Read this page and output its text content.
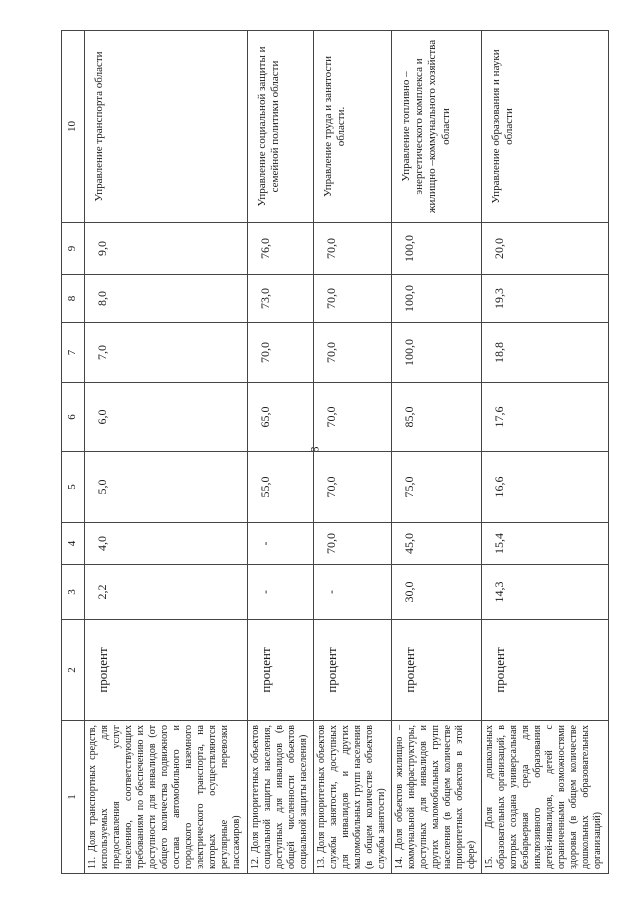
8
1	2	3	4	5	6	7	8	9	10
11. Доля транспортных средств, используемых для предоставления услуг населению, соответствующих требованиям по обеспечению их доступности для инвалидов (от общего количества подвижного состава автомобильного и городского наземного электрического транспорта, на которых осуществляются регулярные перевозки пассажиров)	процент	2,2	4,0	5,0	6,0	7,0	8,0	9,0	Управление транспорта области
12. Доля приоритетных объектов социальной защиты населения, доступных для инвалидов (в общей численности объектов социальной защиты населения)	процент	-	-	55,0	65,0	70,0	73,0	76,0	Управление социальной защиты и семейной политики области
13. Доля приоритетных объектов службы занятости, доступных для инвалидов и других маломобильных групп населения (в общем количестве объектов службы занятости)	процент	-	70,0	70,0	70,0	70,0	70,0	70,0	Управление труда и занятости области.
14. Доля объектов жилищно – коммунальной инфраструктуры, доступных для инвалидов и других маломобильных групп населения (в общем количестве приоритетных объектов в этой сфере)	процент	30,0	45,0	75,0	85,0	100,0	100,0	100,0	Управление топливно – энергетического комплекса и жилищно –коммунального хозяйства области
15. Доля дошкольных образовательных организаций, в которых создана универсальная безбарьерная среда для инклюзивного образования детей-инвалидов, детей с ограниченными возможностями здоровья (в общем количестве дошкольных образовательных организаций)	процент	14,3	15,4	16,6	17,6	18,8	19,3	20,0	Управление образования и науки области
